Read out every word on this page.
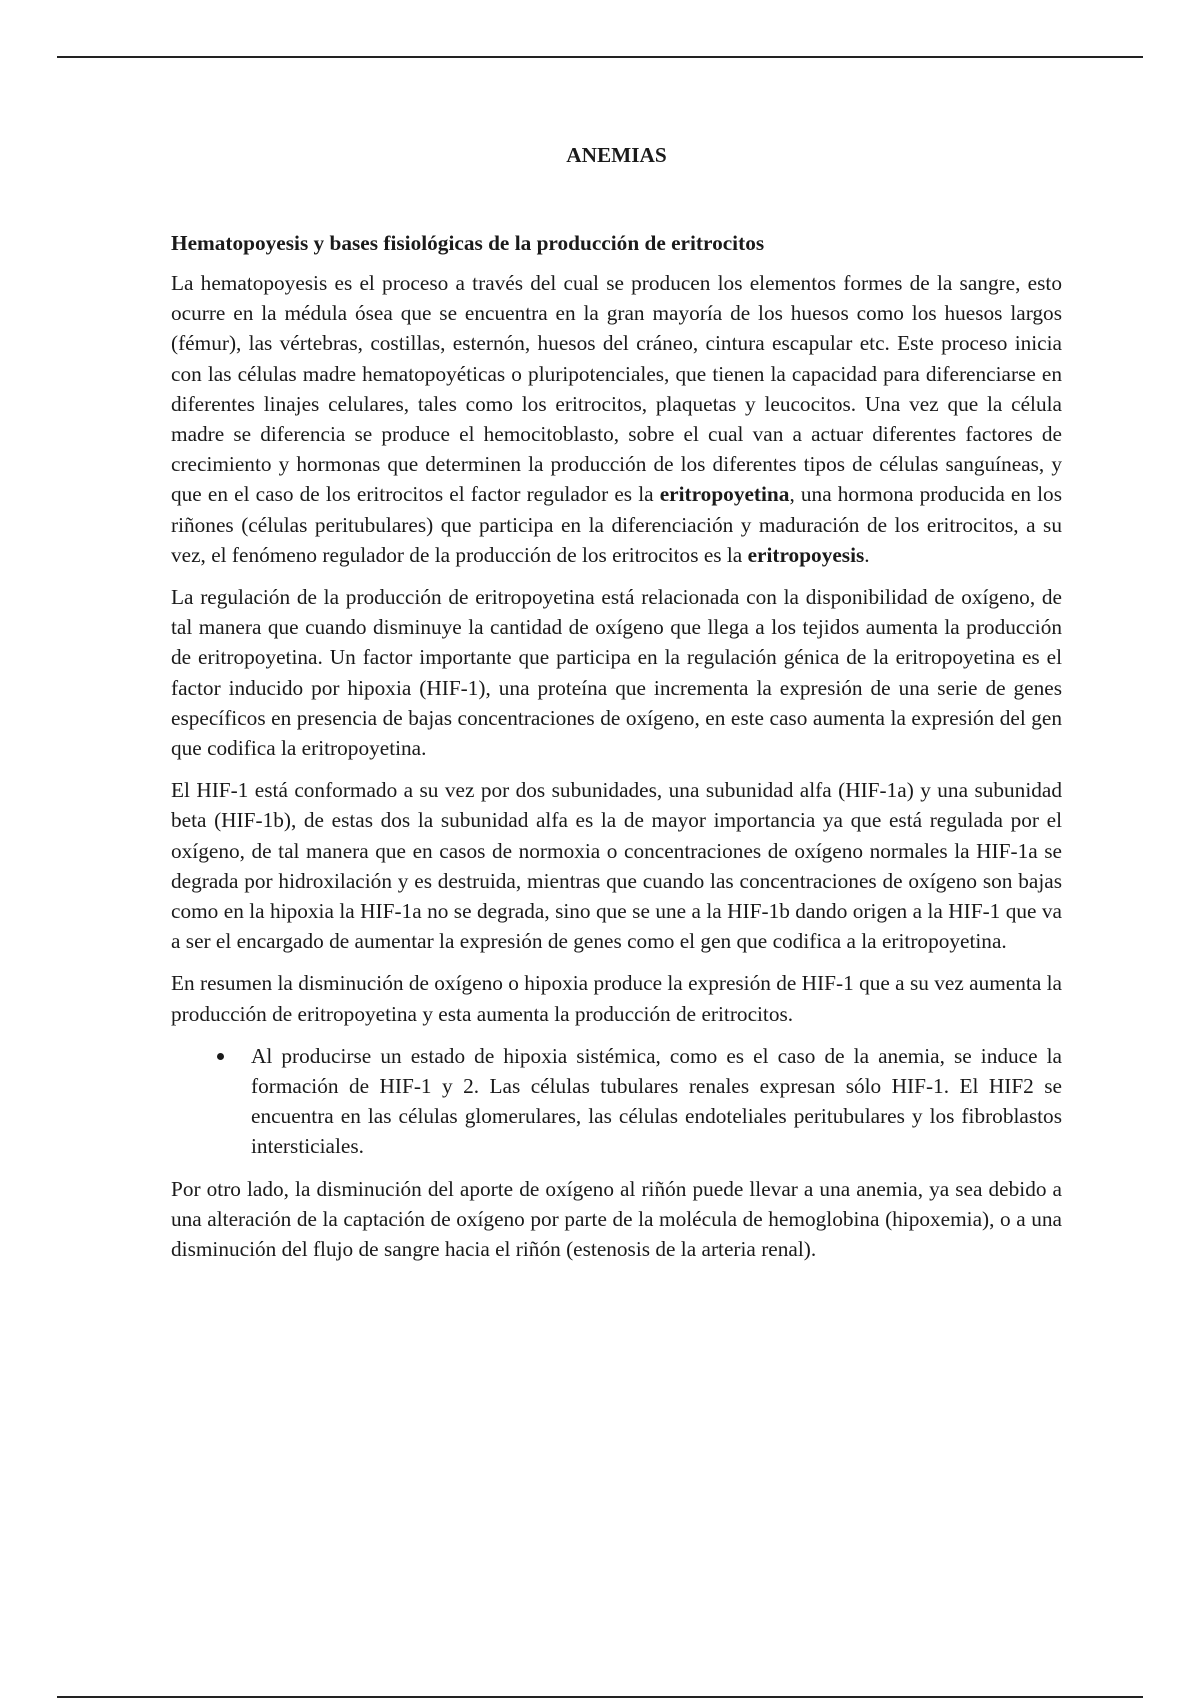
ANEMIAS
Hematopoyesis y bases fisiológicas de la producción de eritrocitos

La hematopoyesis es el proceso a través del cual se producen los elementos formes de la sangre, esto ocurre en la médula ósea que se encuentra en la gran mayoría de los huesos como los huesos largos (fémur), las vértebras, costillas, esternón, huesos del cráneo, cintura escapular etc. Este proceso inicia con las células madre hematopoyéticas o pluripotenciales, que tienen la capacidad para diferenciarse en diferentes linajes celulares, tales como los eritrocitos, plaquetas y leucocitos. Una vez que la célula madre se diferencia se produce el hemocitoblasto, sobre el cual van a actuar diferentes factores de crecimiento y hormonas que determinen la producción de los diferentes tipos de células sanguíneas, y que en el caso de los eritrocitos el factor regulador es la eritropoyetina, una hormona producida en los riñones (células peritubulares) que participa en la diferenciación y maduración de los eritrocitos, a su vez, el fenómeno regulador de la producción de los eritrocitos es la eritropoyesis.

La regulación de la producción de eritropoyetina está relacionada con la disponibilidad de oxígeno, de tal manera que cuando disminuye la cantidad de oxígeno que llega a los tejidos aumenta la producción de eritropoyetina. Un factor importante que participa en la regulación génica de la eritropoyetina es el factor inducido por hipoxia (HIF-1), una proteína que incrementa la expresión de una serie de genes específicos en presencia de bajas concentraciones de oxígeno, en este caso aumenta la expresión del gen que codifica la eritropoyetina.

El HIF-1 está conformado a su vez por dos subunidades, una subunidad alfa (HIF-1a) y una subunidad beta (HIF-1b), de estas dos la subunidad alfa es la de mayor importancia ya que está regulada por el oxígeno, de tal manera que en casos de normoxia o concentraciones de oxígeno normales la HIF-1a se degrada por hidroxilación y es destruida, mientras que cuando las concentraciones de oxígeno son bajas como en la hipoxia la HIF-1a no se degrada, sino que se une a la HIF-1b dando origen a la HIF-1 que va a ser el encargado de aumentar la expresión de genes como el gen que codifica a la eritropoyetina.

En resumen la disminución de oxígeno o hipoxia produce la expresión de HIF-1 que a su vez aumenta la producción de eritropoyetina y esta aumenta la producción de eritrocitos.

Al producirse un estado de hipoxia sistémica, como es el caso de la anemia, se induce la formación de HIF-1 y 2. Las células tubulares renales expresan sólo HIF-1. El HIF2 se encuentra en las células glomerulares, las células endoteliales peritubulares y los fibroblastos intersticiales.

Por otro lado, la disminución del aporte de oxígeno al riñón puede llevar a una anemia, ya sea debido a una alteración de la captación de oxígeno por parte de la molécula de hemoglobina (hipoxemia), o a una disminución del flujo de sangre hacia el riñón (estenosis de la arteria renal).
